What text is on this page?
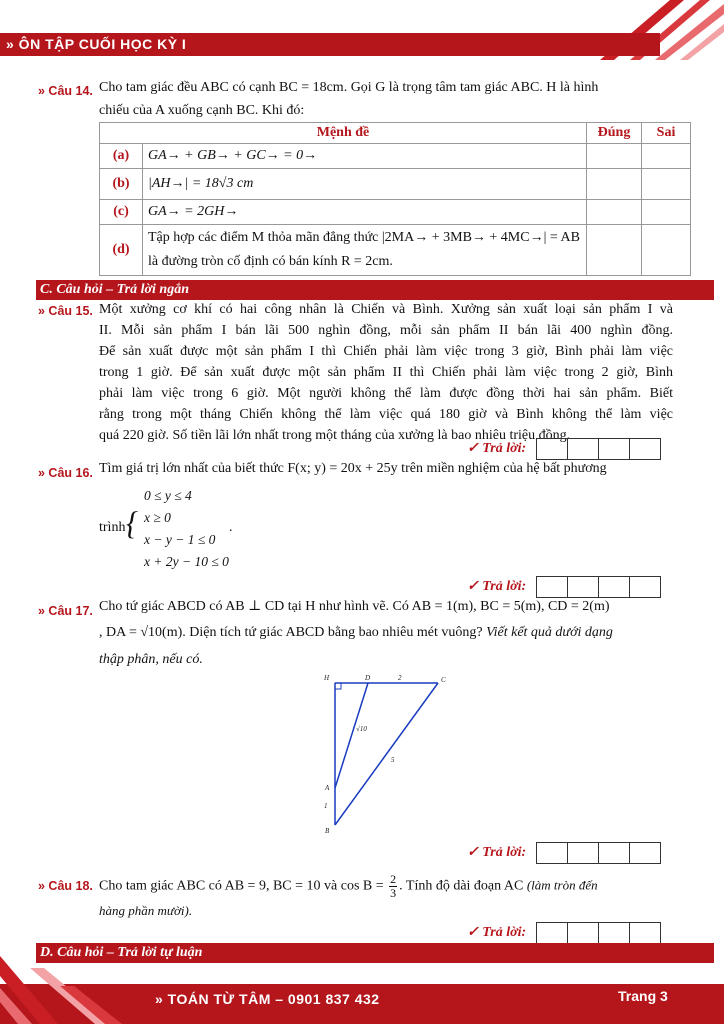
» ÔN TẬP CUỐI HỌC KỲ I
» Câu 14. Cho tam giác đều ABC có cạnh BC = 18cm. Gọi G là trọng tâm tam giác ABC. H là hình
chiếu của A xuống cạnh BC. Khi đó:
Mệnh đề		Đúng	Sai
(a)	GA→ + GB→ + GC→ = 0→		
(b)	|AH→| = 18√3 cm		
(c)	GA→ = 2GH→		
(d)	Tập hợp các điểm M thỏa mãn đẳng thức |2MA→ + 3MB→ + 4MC→| = AB
là đường tròn cố định có bán kính R = 2cm.		

C. Câu hỏi – Trả lời ngắn
» Câu 15. Một xưởng cơ khí có hai công nhân là Chiến và Bình. Xưởng sản xuất loại sản phẩm I và
II. Mỗi sản phẩm I bán lãi 500 nghìn đồng, mỗi sản phẩm II bán lãi 400 nghìn đồng.
Để sản xuất được một sản phẩm I thì Chiến phải làm việc trong 3 giờ, Bình phải làm việc
trong 1 giờ. Để sản xuất được một sản phẩm II thì Chiến phải làm việc trong 2 giờ, Bình
phải làm việc trong 6 giờ. Một người không thể làm được đồng thời hai sản phẩm. Biết
rằng trong một tháng Chiến không thể làm việc quá 180 giờ và Bình không thể làm việc
quá 220 giờ. Số tiền lãi lớn nhất trong một tháng của xưởng là bao nhiêu triệu đồng.
✓ Trả lời:
» Câu 16. Tìm giá trị lớn nhất của biết thức F(x; y) = 20x + 25y trên miền nghiệm của hệ bất phương
trình {
0 ≤ y ≤ 4
x ≥ 0
x − y − 1 ≤ 0
x + 2y − 10 ≤ 0
.
✓ Trả lời:
» Câu 17. Cho tứ giác ABCD có AB ⊥ CD tại H như hình vẽ. Có AB = 1(m), BC = 5(m), CD = 2(m)
, DA = √10(m). Diện tích tứ giác ABCD bằng bao nhiêu mét vuông? Viết kết quả dưới dạng
thập phân, nếu có.
H	D	C
A
B
2
√10
5
1
✓ Trả lời:
» Câu 18. Cho tam giác ABC có AB = 9, BC = 10 và $\cos B = \frac{2}{3}$ . Tính độ dài đoạn AC (làm tròn đến
hàng phần mười).
✓ Trả lời:
D. Câu hỏi – Trả lời tự luận
» TOÁN TỪ TÂM – 0901 837 432	Trang 3
